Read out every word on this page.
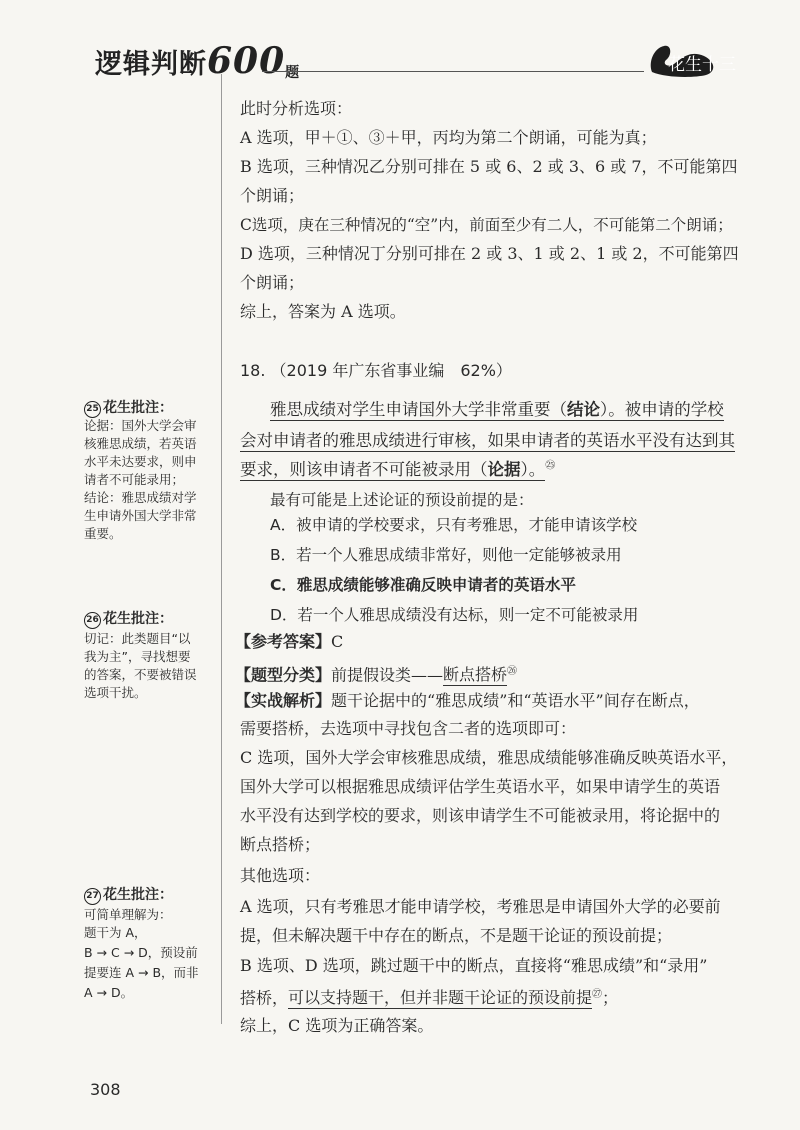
逻辑判断600题	花生十三
此时分析选项：
A 选项，甲＋①、③＋甲，丙均为第二个朗诵，可能为真；
B 选项，三种情况乙分别可排在 5 或 6、2 或 3、6 或 7，不可能第四
个朗诵；
C选项，庚在三种情况的“空”内，前面至少有二人，不可能第二个朗诵；
D 选项，三种情况丁分别可排在 2 或 3、1 或 2、1 或 2，不可能第四
个朗诵；
综上，答案为 A 选项。
18. （2019 年广东省事业编　62%）
雅思成绩对学生申请国外大学非常重要（结论）。被申请的学校
会对申请者的雅思成绩进行审核，如果申请者的英语水平没有达到其
要求，则该申请者不可能被录用（论据）。$^㉕$
最有可能是上述论证的预设前提的是：
A．被申请的学校要求，只有考雅思，才能申请该学校
B．若一个人雅思成绩非常好，则他一定能够被录用
C．雅思成绩能够准确反映申请者的英语水平
D．若一个人雅思成绩没有达标，则一定不可能被录用
【参考答案】C
【题型分类】前提假设类——断点搭桥$^㉖$
【实战解析】题干论据中的“雅思成绩”和“英语水平”间存在断点，
需要搭桥，去选项中寻找包含二者的选项即可：
C 选项，国外大学会审核雅思成绩，雅思成绩能够准确反映英语水平，
国外大学可以根据雅思成绩评估学生英语水平，如果申请学生的英语
水平没有达到学校的要求，则该申请学生不可能被录用，将论据中的
断点搭桥；
其他选项：
A 选项，只有考雅思才能申请学校，考雅思是申请国外大学的必要前
提，但未解决题干中存在的断点，不是题干论证的预设前提；
B 选项、D 选项，跳过题干中的断点，直接将“雅思成绩”和“录用”
搭桥，可以支持题干，但并非题干论证的预设前提$^㉗$；
综上，C 选项为正确答案。
25 花生批注：
论据：国外大学会审
核雅思成绩，若英语
水平未达要求，则申
请者不可能录用；
结论：雅思成绩对学
生申请外国大学非常
重要。
26 花生批注：
切记：此类题目“以
我为主”，寻找想要
的答案，不要被错误
选项干扰。
27 花生批注：
可简单理解为：
题干为 A，
B → C → D，预设前
提要连 A → B，而非
A → D。
308
